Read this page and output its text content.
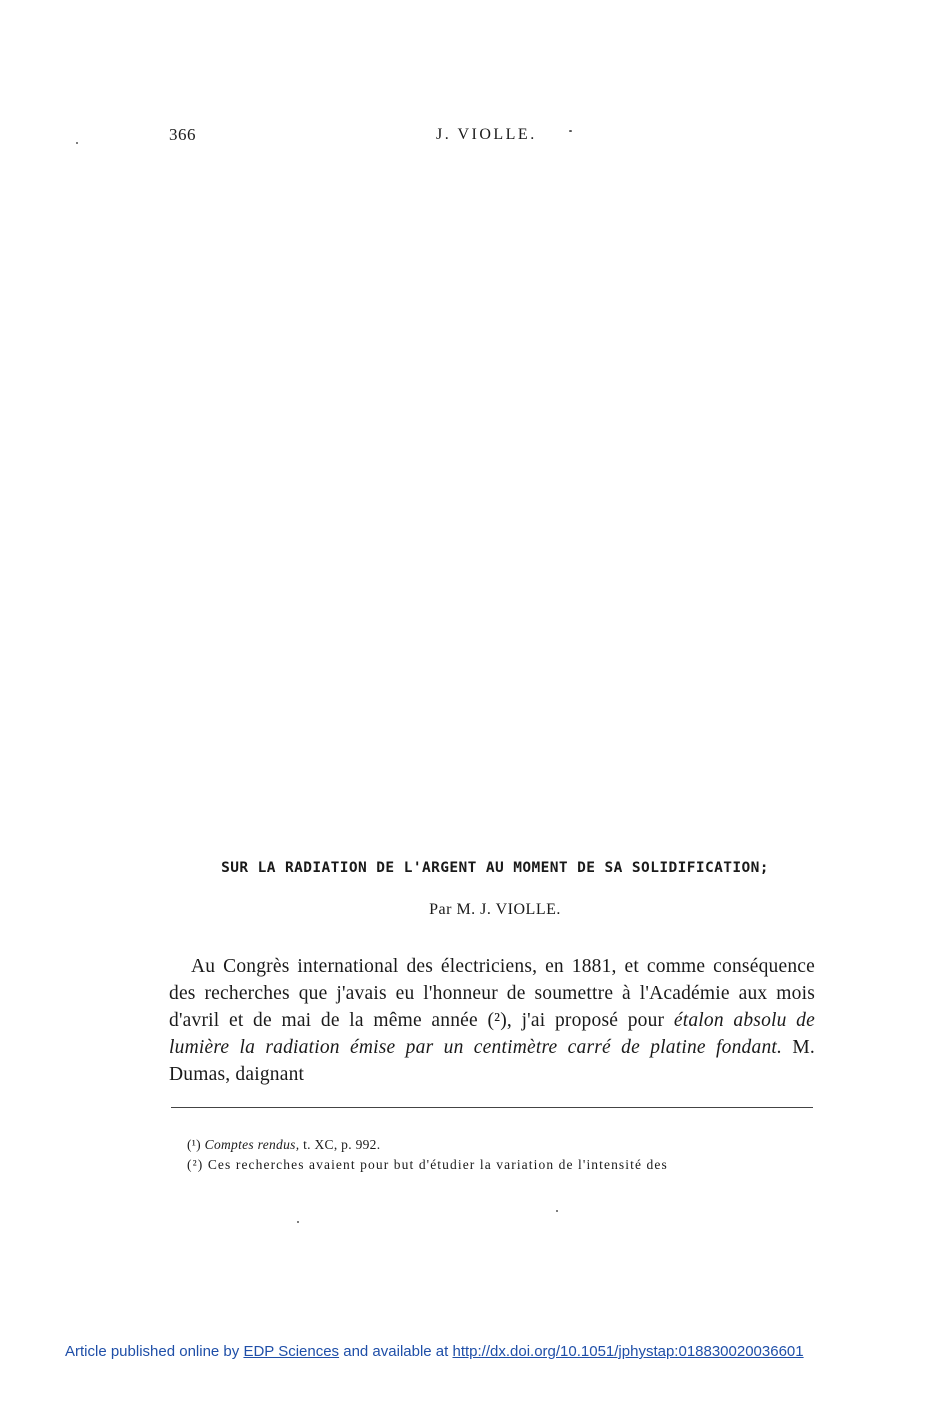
366	J. VIOLLE.
SUR LA RADIATION DE L'ARGENT AU MOMENT DE SA SOLIDIFICATION;
Par M. J. VIOLLE.

Au Congrès international des électriciens, en 1881, et comme conséquence des recherches que j'avais eu l'honneur de soumettre à l'Académie aux mois d'avril et de mai de la même année (²), j'ai proposé pour étalon absolu de lumière la radiation émise par un centimètre carré de platine fondant. M. Dumas, daignant

(¹) Comptes rendus, t. XC, p. 992.
(²) Ces recherches avaient pour but d'étudier la variation de l'intensité des
Article published online by EDP Sciences and available at http://dx.doi.org/10.1051/jphystap:018830020036601
